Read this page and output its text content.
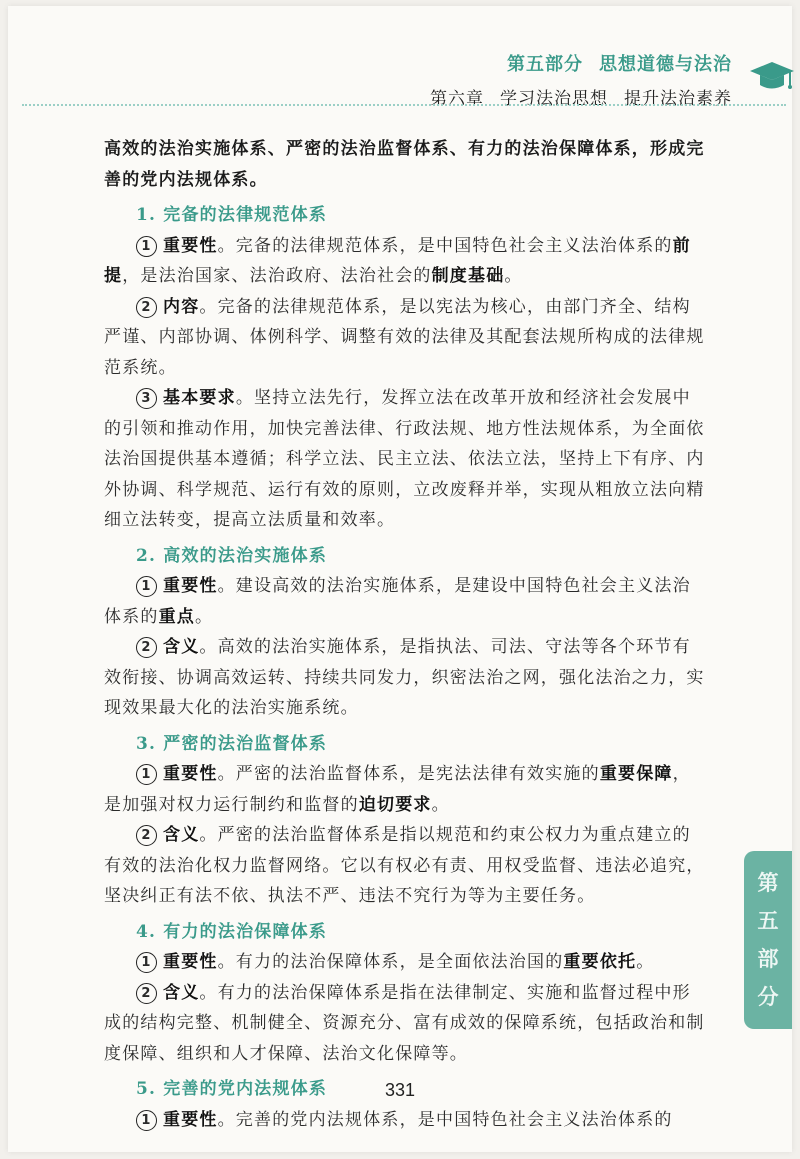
第五部分 思想道德与法治
第六章 学习法治思想 提升法治素养

高效的法治实施体系、严密的法治监督体系、有力的法治保障体系，形成完善的党内法规体系。

1. 完备的法律规范体系

1 重要性。完备的法律规范体系，是中国特色社会主义法治体系的前提，是法治国家、法治政府、法治社会的制度基础。

2 内容。完备的法律规范体系，是以宪法为核心，由部门齐全、结构严谨、内部协调、体例科学、调整有效的法律及其配套法规所构成的法律规范系统。

3 基本要求。坚持立法先行，发挥立法在改革开放和经济社会发展中的引领和推动作用，加快完善法律、行政法规、地方性法规体系，为全面依法治国提供基本遵循；科学立法、民主立法、依法立法，坚持上下有序、内外协调、科学规范、运行有效的原则，立改废释并举，实现从粗放立法向精细立法转变，提高立法质量和效率。

2. 高效的法治实施体系

1 重要性。建设高效的法治实施体系，是建设中国特色社会主义法治体系的重点。

2 含义。高效的法治实施体系，是指执法、司法、守法等各个环节有效衔接、协调高效运转、持续共同发力，织密法治之网，强化法治之力，实现效果最大化的法治实施系统。

3. 严密的法治监督体系

1 重要性。严密的法治监督体系，是宪法法律有效实施的重要保障，是加强对权力运行制约和监督的迫切要求。

2 含义。严密的法治监督体系是指以规范和约束公权力为重点建立的有效的法治化权力监督网络。它以有权必有责、用权受监督、违法必追究，坚决纠正有法不依、执法不严、违法不究行为等为主要任务。

4. 有力的法治保障体系

1 重要性。有力的法治保障体系，是全面依法治国的重要依托。

2 含义。有力的法治保障体系是指在法律制定、实施和监督过程中形成的结构完整、机制健全、资源充分、富有成效的保障系统，包括政治和制度保障、组织和人才保障、法治文化保障等。

5. 完善的党内法规体系

1 重要性。完善的党内法规体系，是中国特色社会主义法治体系的

第
五
部
分
331
